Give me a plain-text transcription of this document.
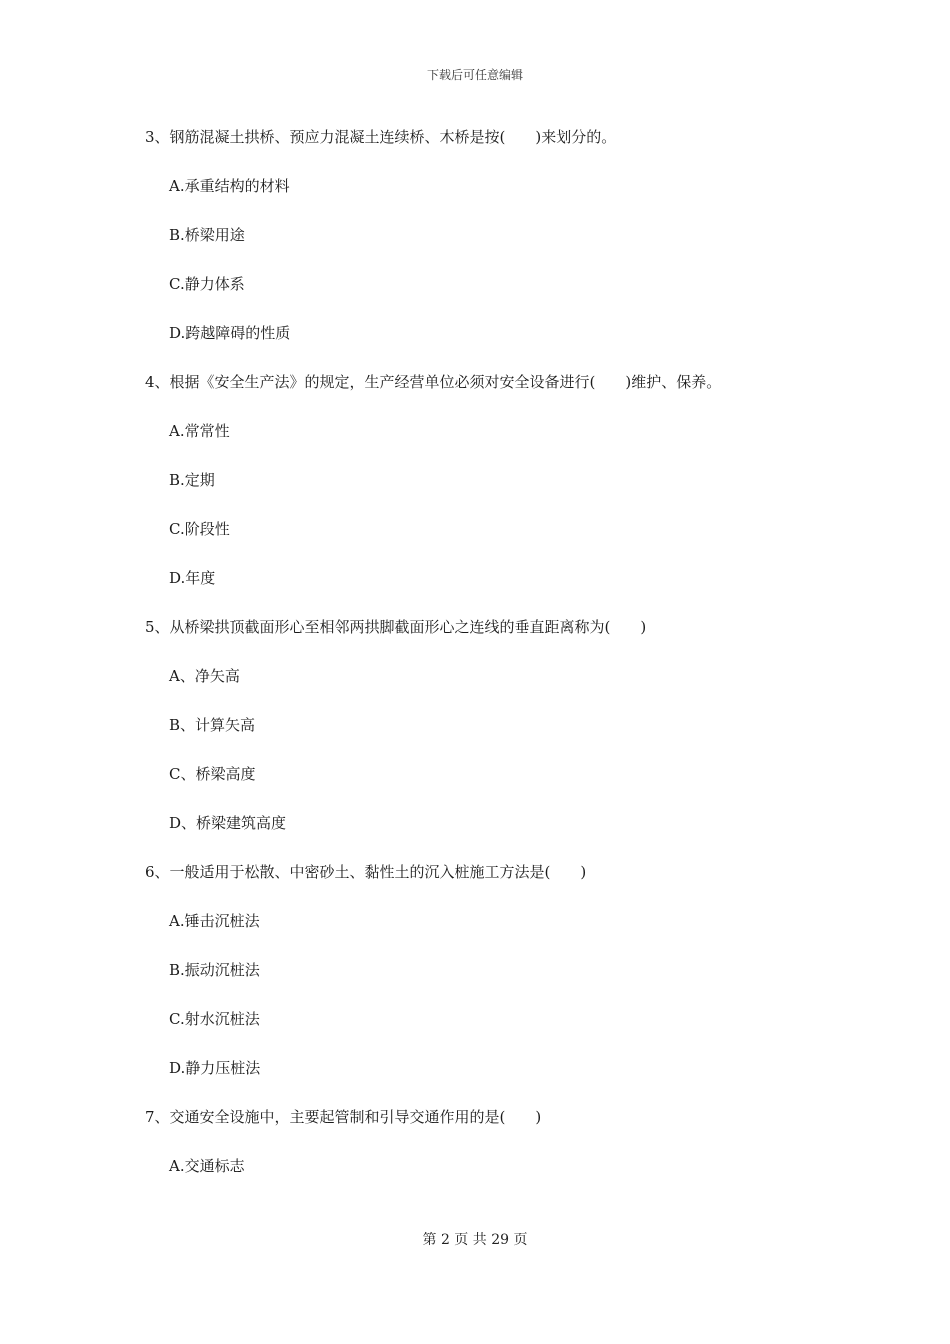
下载后可任意编辑
3、钢筋混凝土拱桥、预应力混凝土连续桥、木桥是按(　　)来划分的。
A.承重结构的材料
B.桥梁用途
C.静力体系
D.跨越障碍的性质
4、根据《安全生产法》的规定，生产经营单位必须对安全设备进行(　　)维护、保养。
A.常常性
B.定期
C.阶段性
D.年度
5、从桥梁拱顶截面形心至相邻两拱脚截面形心之连线的垂直距离称为(　　)
A、净矢高
B、计算矢高
C、桥梁高度
D、桥梁建筑高度
6、一般适用于松散、中密砂土、黏性土的沉入桩施工方法是(　　)
A.锤击沉桩法
B.振动沉桩法
C.射水沉桩法
D.静力压桩法
7、交通安全设施中，主要起管制和引导交通作用的是(　　)
A.交通标志
第 2 页 共 29 页
